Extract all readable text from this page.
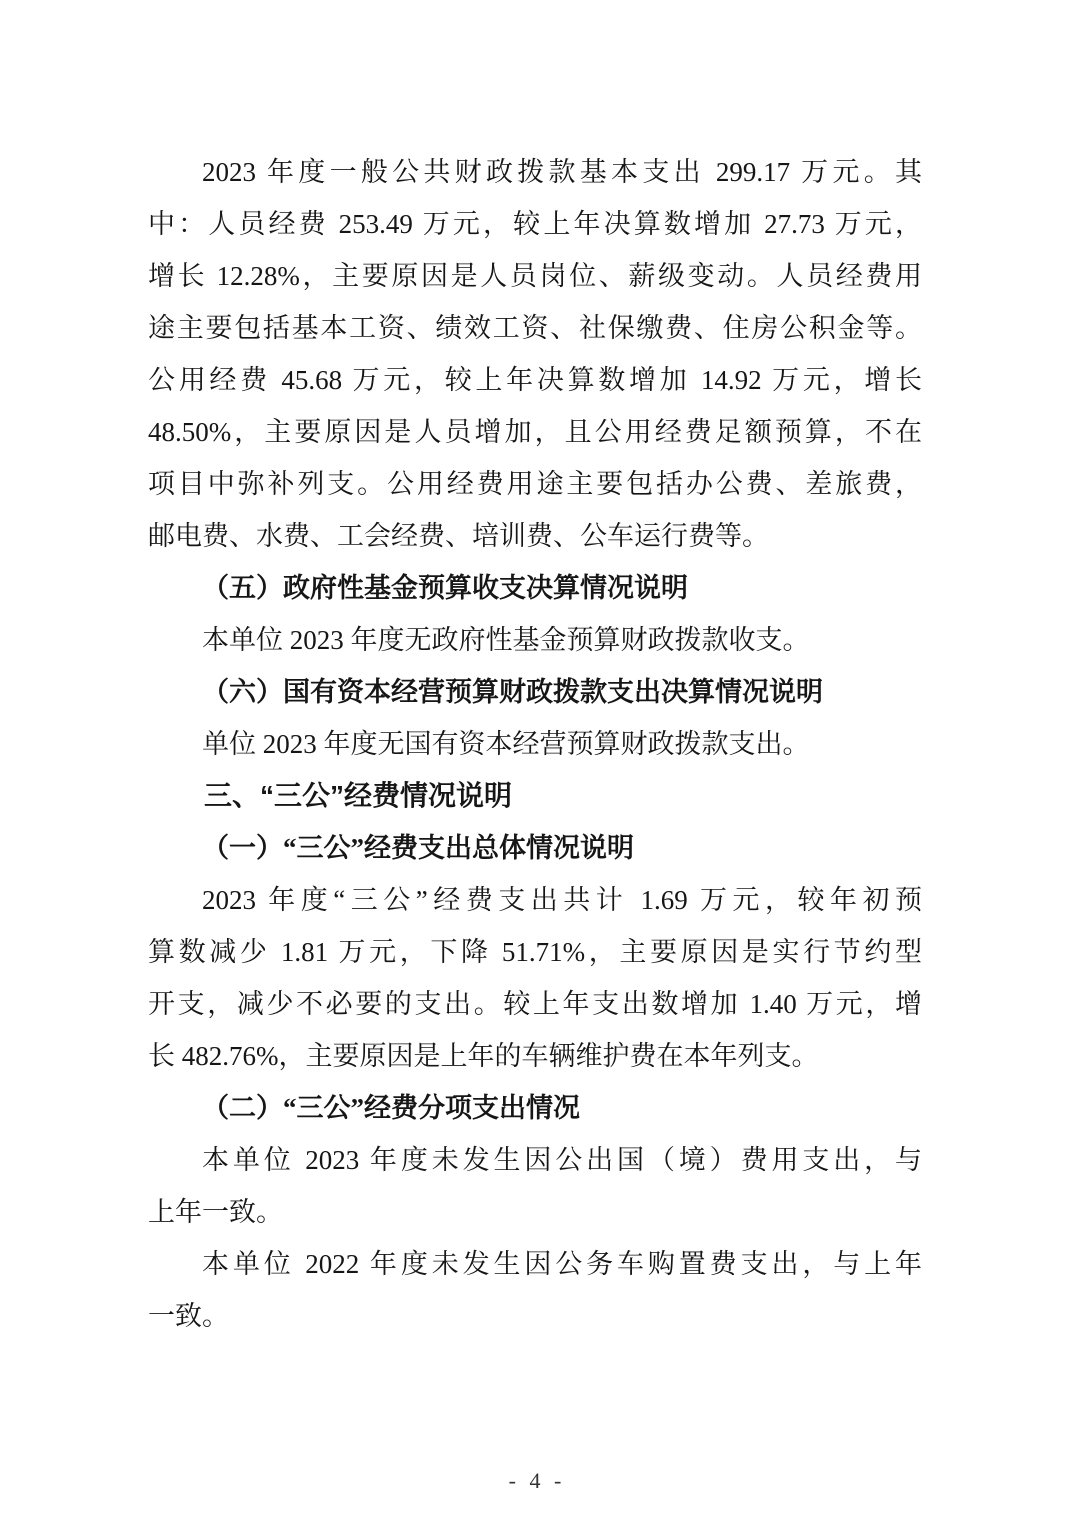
2023 年度一般公共财政拨款基本支出 299.17 万元。其
中：人员经费 253.49 万元，较上年决算数增加 27.73 万元，
增长 12.28%，主要原因是人员岗位、薪级变动。人员经费用
途主要包括基本工资、绩效工资、社保缴费、住房公积金等。
公用经费 45.68 万元，较上年决算数增加 14.92 万元，增长
48.50%，主要原因是人员增加，且公用经费足额预算，不在
项目中弥补列支。公用经费用途主要包括办公费、差旅费，
邮电费、水费、工会经费、培训费、公车运行费等。
（五）政府性基金预算收支决算情况说明
本单位 2023 年度无政府性基金预算财政拨款收支。
（六）国有资本经营预算财政拨款支出决算情况说明
单位 2023 年度无国有资本经营预算财政拨款支出。
三、“三公”经费情况说明
（一）“三公”经费支出总体情况说明
2023 年度“三公”经费支出共计 1.69 万元，较年初预
算数减少 1.81 万元，下降 51.71%，主要原因是实行节约型
开支，减少不必要的支出。较上年支出数增加 1.40 万元，增
长 482.76%，主要原因是上年的车辆维护费在本年列支。
（二）“三公”经费分项支出情况
本单位 2023 年度未发生因公出国（境）费用支出，与
上年一致。
本单位 2022 年度未发生因公务车购置费支出，与上年
一致。
- 4 -
